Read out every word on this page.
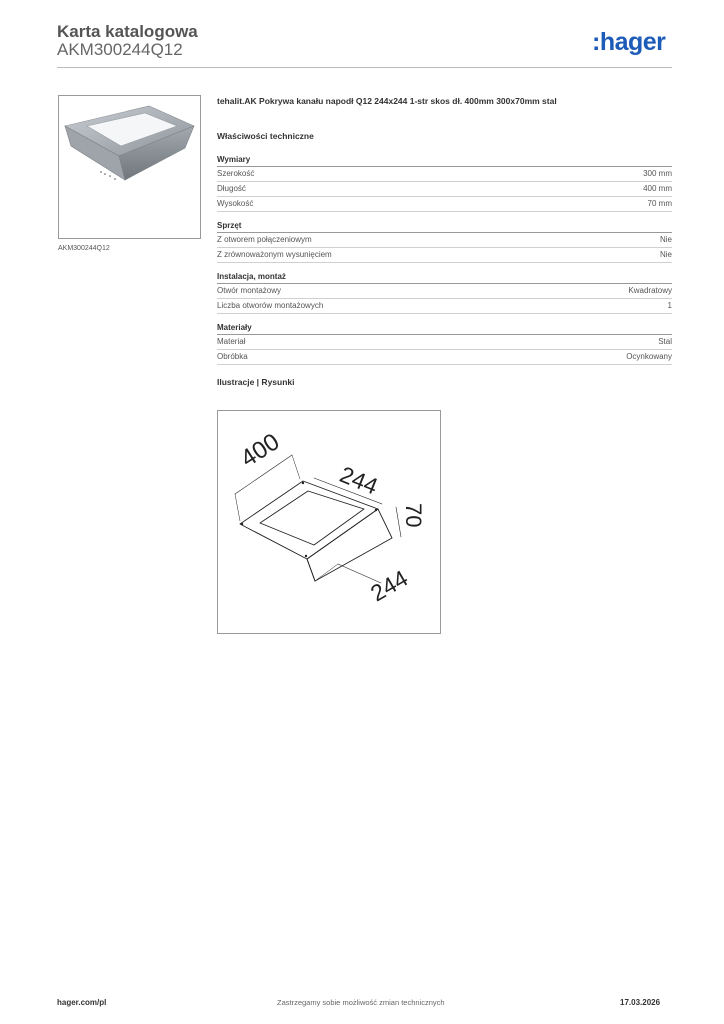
Karta katalogowa
AKM300244Q12	:hager
AKM300244Q12
tehalit.AK Pokrywa kanału napodł Q12 244x244 1-str skos dł. 400mm 300x70mm stal
Właściwości techniczne
Wymiary
Szerokość	300 mm
Długość	400 mm
Wysokość	70 mm
Sprzęt
Z otworem połączeniowym	Nie
Z zrównoważonym wysunięciem	Nie
Instalacja, montaż
Otwór montażowy	Kwadratowy
Liczba otworów montażowych	1
Materiały
Materiał	Stal
Obróbka	Ocynkowany
Ilustracje | Rysunki
400
244
70
244
hager.com/pl	Zastrzegamy sobie możliwość zmian technicznych	17.03.2026
